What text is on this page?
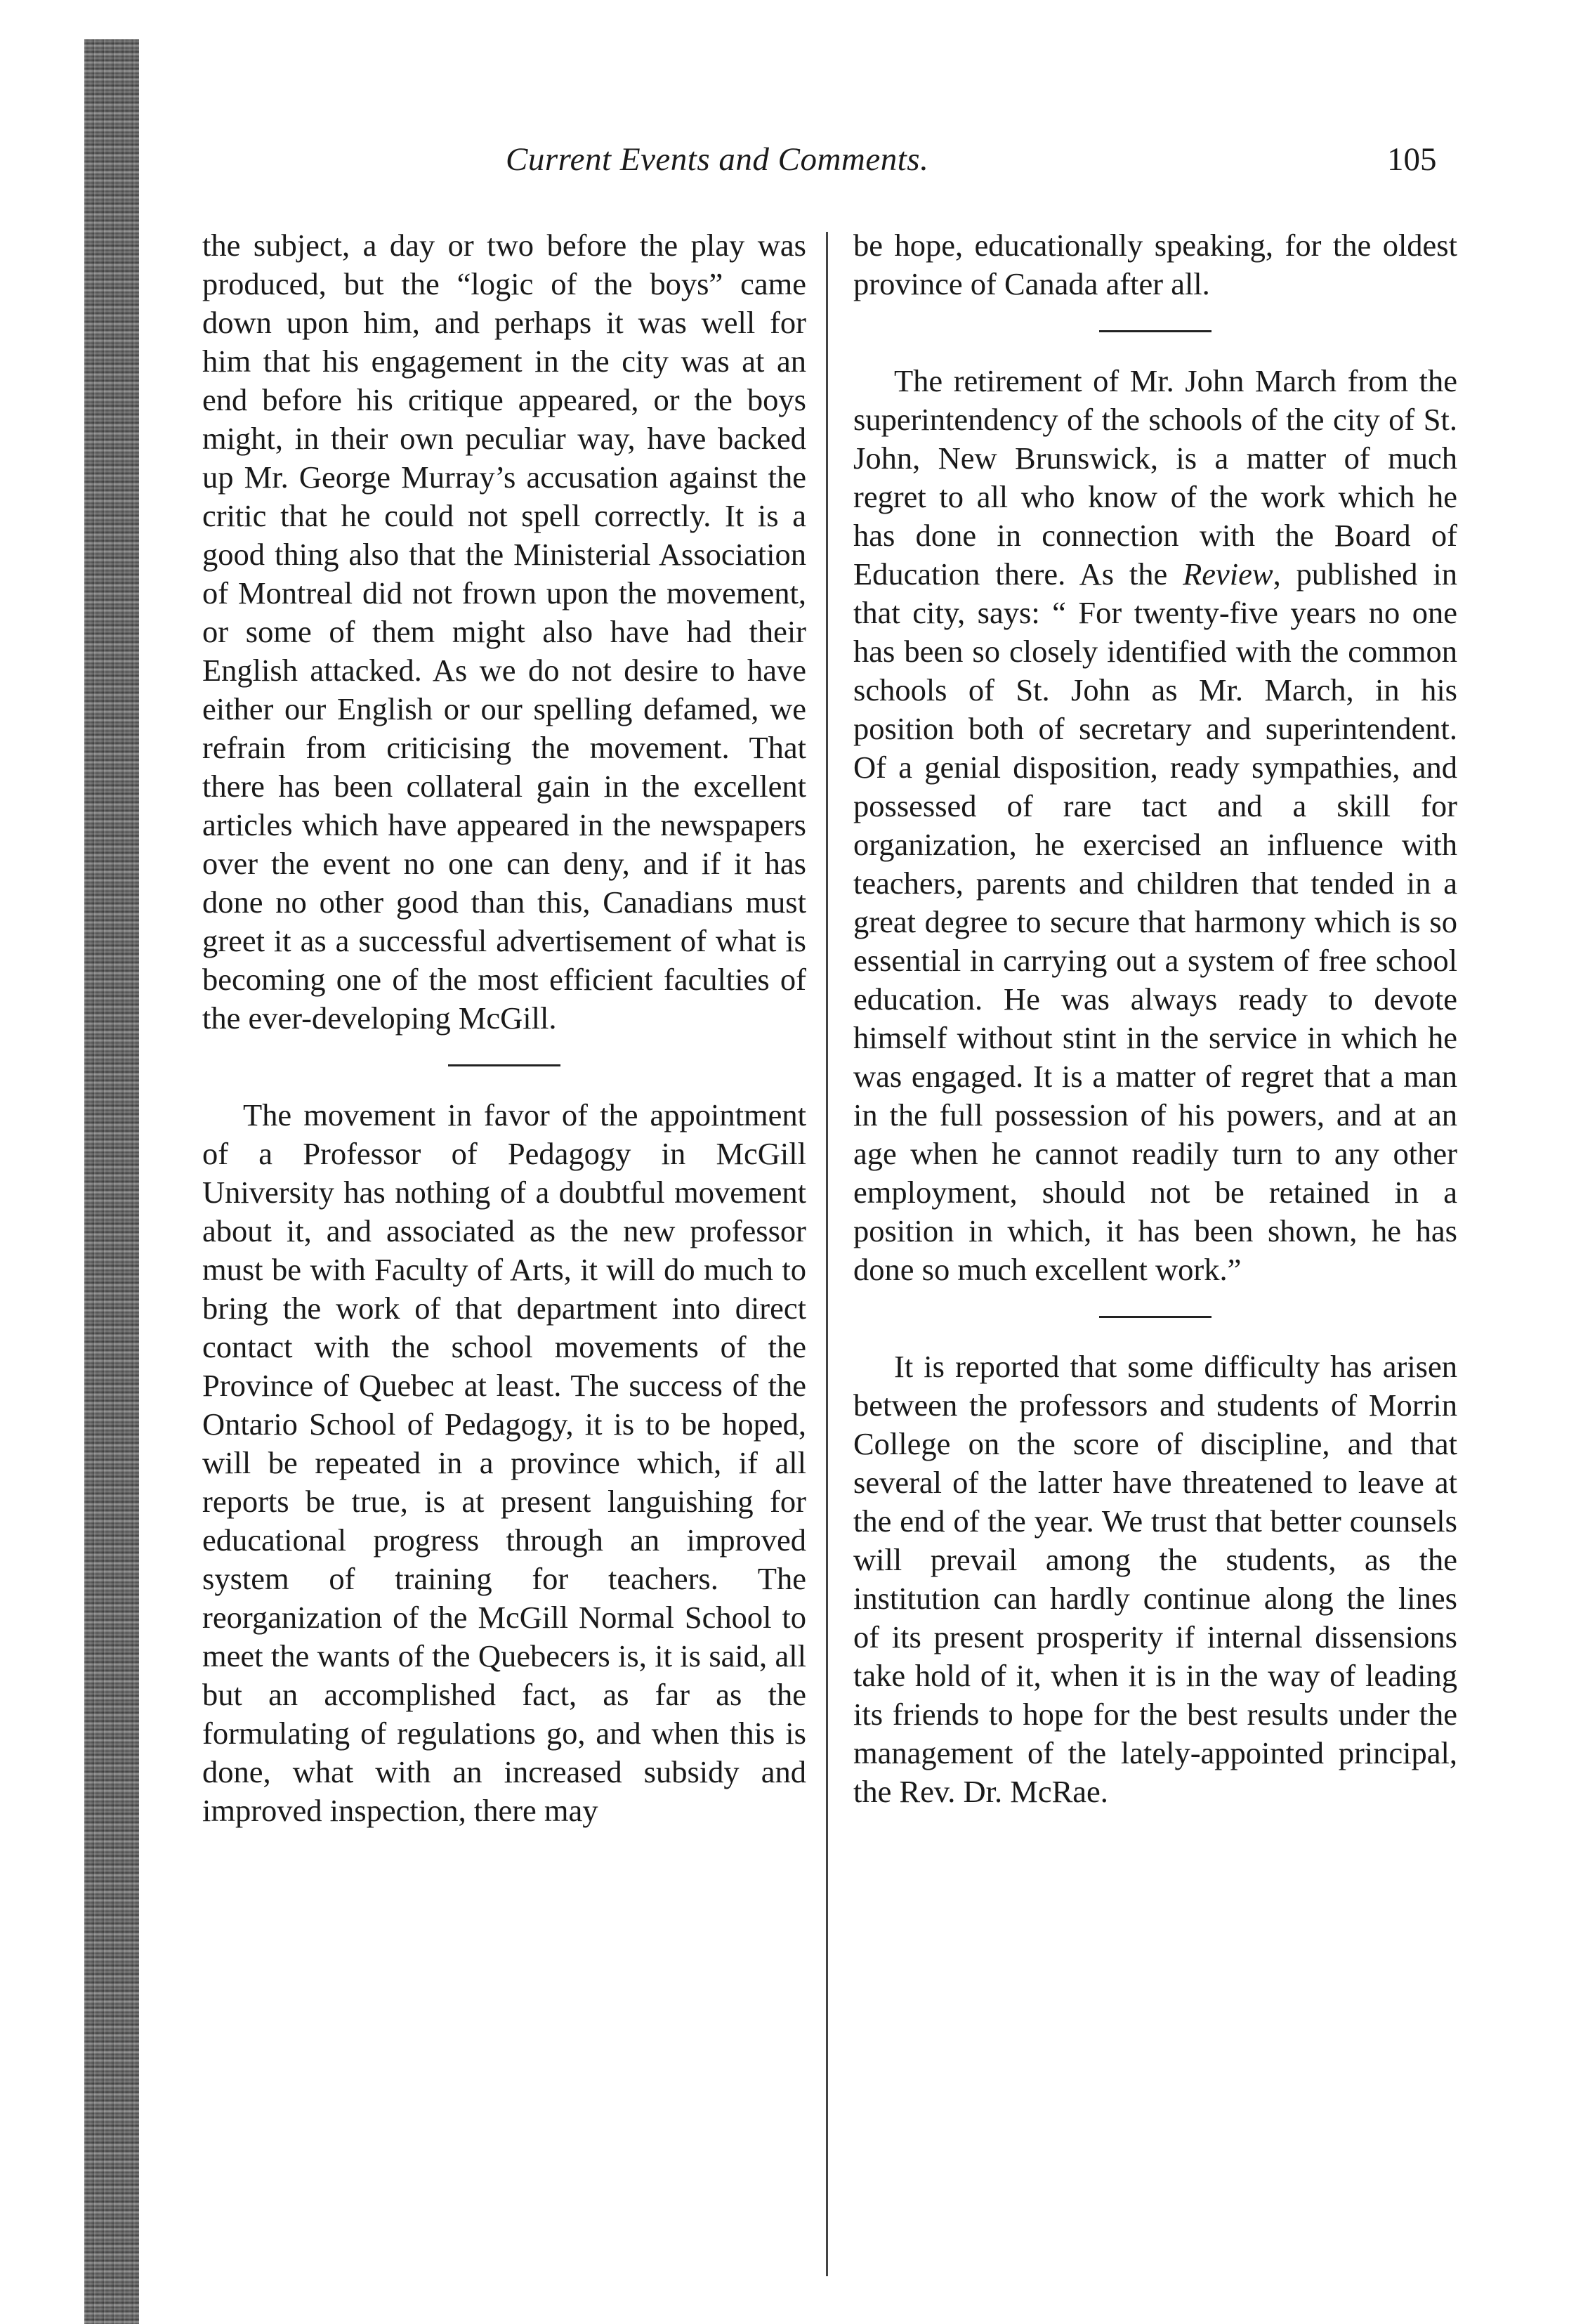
Current Events and Comments.	105

the subject, a day or two before the play was produced, but the “logic of the boys” came down upon him, and perhaps it was well for him that his engagement in the city was at an end before his critique appeared, or the boys might, in their own peculiar way, have backed up Mr. George Murray’s accusation against the critic that he could not spell correctly. It is a good thing also that the Ministerial Association of Montreal did not frown upon the movement, or some of them might also have had their English attacked. As we do not desire to have either our English or our spelling defamed, we refrain from criticising the movement. That there has been collateral gain in the excellent articles which have appeared in the newspapers over the event no one can deny, and if it has done no other good than this, Canadians must greet it as a successful advertisement of what is becoming one of the most efficient faculties of the ever-developing McGill.

The movement in favor of the appointment of a Professor of Pedagogy in McGill University has nothing of a doubtful movement about it, and associated as the new professor must be with Faculty of Arts, it will do much to bring the work of that department into direct contact with the school movements of the Province of Quebec at least. The success of the Ontario School of Pedagogy, it is to be hoped, will be repeated in a province which, if all reports be true, is at present languishing for educational progress through an improved system of training for teachers. The reorganization of the McGill Normal School to meet the wants of the Quebecers is, it is said, all but an accomplished fact, as far as the formulating of regulations go, and when this is done, what with an increased subsidy and improved inspection, there may

be hope, educationally speaking, for the oldest province of Canada after all.

The retirement of Mr. John March from the superintendency of the schools of the city of St. John, New Brunswick, is a matter of much regret to all who know of the work which he has done in connection with the Board of Education there. As the Review, published in that city, says: “ For twenty-five years no one has been so closely identified with the common schools of St. John as Mr. March, in his position both of secretary and superintendent. Of a genial disposition, ready sympathies, and possessed of rare tact and a skill for organization, he exercised an influence with teachers, parents and children that tended in a great degree to secure that harmony which is so essential in carrying out a system of free school education. He was always ready to devote himself without stint in the service in which he was engaged. It is a matter of regret that a man in the full possession of his powers, and at an age when he cannot readily turn to any other employment, should not be retained in a position in which, it has been shown, he has done so much excellent work.”

It is reported that some difficulty has arisen between the professors and students of Morrin College on the score of discipline, and that several of the latter have threatened to leave at the end of the year. We trust that better counsels will prevail among the students, as the institution can hardly continue along the lines of its present prosperity if internal dissensions take hold of it, when it is in the way of leading its friends to hope for the best results under the management of the lately-appointed principal, the Rev. Dr. McRae.
